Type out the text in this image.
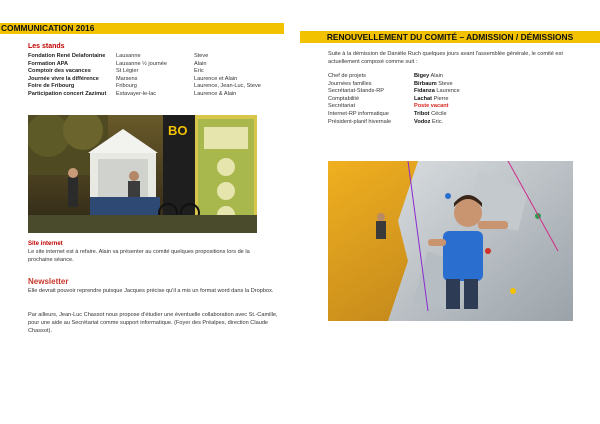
COMMUNICATION 2016
Les stands
Fondation René Delafontaine	Lausanne	Steve
Formation APA	Lausanne ½ journée	Alain
Comptoir des vacances	St Légier	Eric
Journée vivre la différence	Marsens	Laurence et Alain
Foire de Fribourg	Fribourg	Laurence, Jean-Luc, Steve
Participation concert Zazimut	Estavayer-le-lac	Laurence & Alain
BO
Site internet
Le site internet est à refaire. Alain va présenter au comité quelques propositions lors de la prochaine séance.
Newsletter
Elle devrait pouvoir reprendre puisque Jacques précise qu'il a mis un format word dans la Dropbox.
Par ailleurs, Jean-Luc Chassot nous propose d'étudier une éventuelle collaboration avec St.-Camille, pour une aide au Secrétariat comme support informatique. (Foyer des Préalpes, direction Claude Chassot).
RENOUVELLEMENT DU COMITÉ – ADMISSION / DÉMISSIONS
Suite à la démission de Danièle Ruch quelques jours avant l'assemblée générale, le comité est actuellement composé comme suit :
Chef de projets	Bigey Alain
Journées familles	Birbaum Steve
Secrétariat-Stands-RP	Fidanza Laurence
Comptabilité	Lachat Pierre
Secrétariat	Poste vacant
Internet-RP informatique	Tribot Cécile
Président-planif hivernale	Vodoz Eric.
